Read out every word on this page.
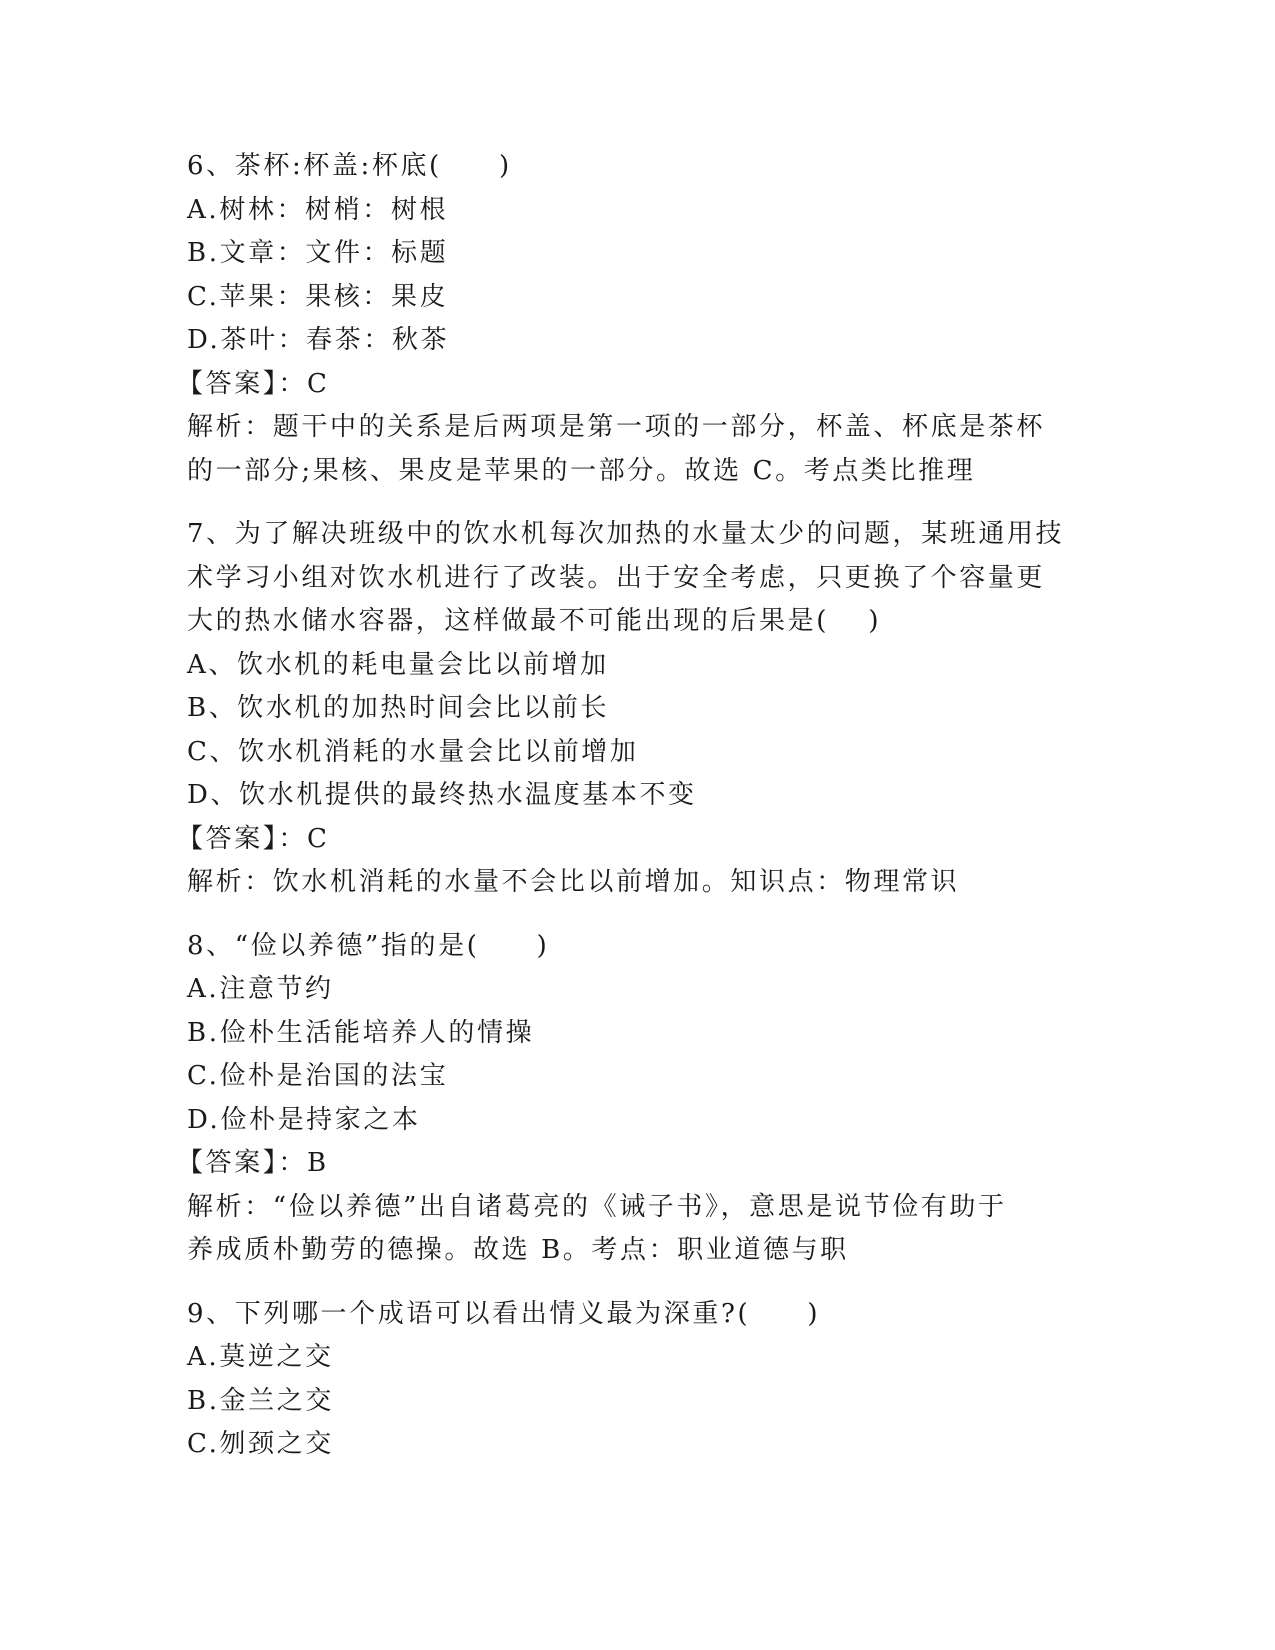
6、茶杯:杯盖:杯底(　　)

A.树林：树梢：树根

B.文章：文件：标题

C.苹果：果核：果皮

D.茶叶：春茶：秋茶

【答案】：C

解析：题干中的关系是后两项是第一项的一部分，杯盖、杯底是茶杯

的一部分;果核、果皮是苹果的一部分。故选 C。考点类比推理

7、为了解决班级中的饮水机每次加热的水量太少的问题，某班通用技

术学习小组对饮水机进行了改装。出于安全考虑，只更换了个容量更

大的热水储水容器，这样做最不可能出现的后果是(　 )

A、饮水机的耗电量会比以前增加

B、饮水机的加热时间会比以前长

C、饮水机消耗的水量会比以前增加

D、饮水机提供的最终热水温度基本不变

【答案】：C

解析：饮水机消耗的水量不会比以前增加。知识点：物理常识

8、“俭以养德”指的是(　　)

A.注意节约

B.俭朴生活能培养人的情操

C.俭朴是治国的法宝

D.俭朴是持家之本

【答案】：B

解析：“俭以养德”出自诸葛亮的《诫子书》，意思是说节俭有助于

养成质朴勤劳的德操。故选 B。考点：职业道德与职

9、下列哪一个成语可以看出情义最为深重?(　　)

A.莫逆之交

B.金兰之交

C.刎颈之交
